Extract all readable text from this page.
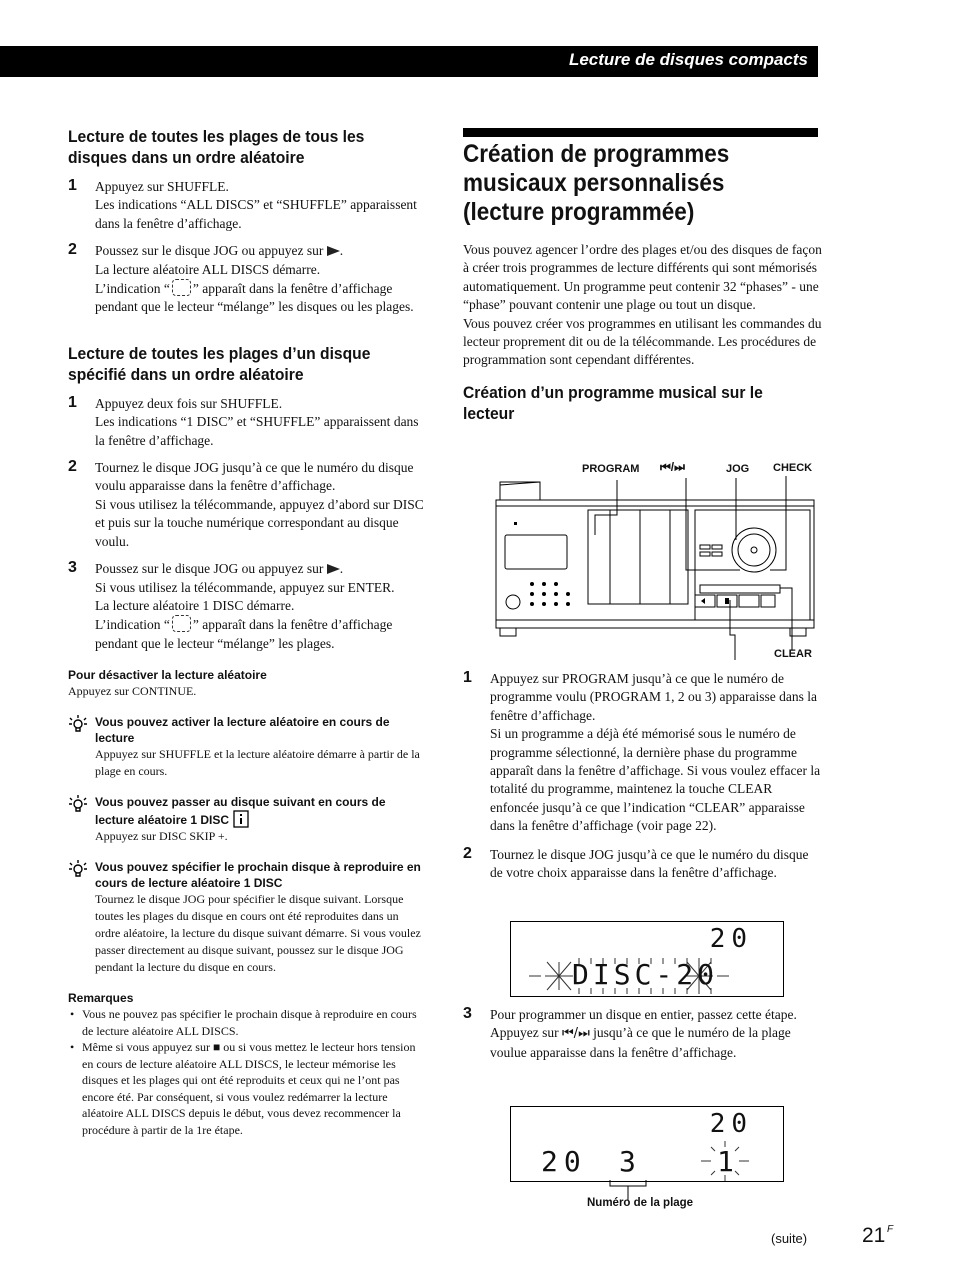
Lecture de disques compacts
Lecture de toutes les plages de tous les disques dans un ordre aléatoire
1 Appuyez sur SHUFFLE.

Les indications “ALL DISCS” et “SHUFFLE” apparaissent dans la fenêtre d’affichage.

2 Poussez sur le disque JOG ou appuyez sur .

La lecture aléatoire ALL DISCS démarre.

L’indication “ ” apparaît dans la fenêtre d’affichage pendant que le lecteur “mélange” les disques ou les plages.

Lecture de toutes les plages d’un disque spécifié dans un ordre aléatoire
1 Appuyez deux fois sur SHUFFLE.

Les indications “1 DISC” et “SHUFFLE” apparaissent dans la fenêtre d’affichage.

2 Tournez le disque JOG jusqu’à ce que le numéro du disque voulu apparaisse dans la fenêtre d’affichage.

Si vous utilisez la télécommande, appuyez d’abord sur DISC et puis sur la touche numérique correspondant au disque voulu.

3 Poussez sur le disque JOG ou appuyez sur .

Si vous utilisez la télécommande, appuyez sur ENTER.

La lecture aléatoire 1 DISC démarre.

L’indication “ ” apparaît dans la fenêtre d’affichage pendant que le lecteur “mélange” les plages.

Pour désactiver la lecture aléatoire

Appuyez sur CONTINUE.

Vous pouvez activer la lecture aléatoire en cours de lecture

Appuyez sur SHUFFLE et la lecture aléatoire démarre à partir de la plage en cours.

Vous pouvez passer au disque suivant en cours de lecture aléatoire 1 DISC

Appuyez sur DISC SKIP +.

Vous pouvez spécifier le prochain disque à reproduire en cours de lecture aléatoire 1 DISC

Tournez le disque JOG pour spécifier le disque suivant. Lorsque toutes les plages du disque en cours ont été reproduites dans un ordre aléatoire, la lecture du disque suivant démarre. Si vous voulez passer directement au disque suivant, poussez sur le disque JOG pendant la lecture du disque en cours.

Remarques

• Vous ne pouvez pas spécifier le prochain disque à reproduire en cours de lecture aléatoire ALL DISCS.
• Même si vous appuyez sur ■ ou si vous mettez le lecteur hors tension en cours de lecture aléatoire ALL DISCS, le lecteur mémorise les disques et les plages qui ont été reproduits et ceux qui ne l’ont pas encore été. Par conséquent, si vous voulez redémarrer la lecture aléatoire ALL DISCS depuis le début, vous devez recommencer la procédure à partir de la 1re étape.
Création de programmes musicaux personnalisés (lecture programmée)

Vous pouvez agencer l’ordre des plages et/ou des disques de façon à créer trois programmes de lecture différents qui sont mémorisés automatiquement. Un programme peut contenir 32 “phases” - une “phase” pouvant contenir une plage ou tout un disque.

Vous pouvez créer vos programmes en utilisant les commandes du lecteur proprement dit ou de la télécommande. Les procédures de programmation sont cependant différentes.

Création d’un programme musical sur le lecteur
PROGRAM ⏮/⏭	JOG CHECK
CLEAR
1 Appuyez sur PROGRAM jusqu’à ce que le numéro de programme voulu (PROGRAM 1, 2 ou 3) apparaisse dans la fenêtre d’affichage.

Si un programme a déjà été mémorisé sous le numéro de programme sélectionné, la dernière phase du programme apparaît dans la fenêtre d’affichage. Si vous voulez effacer la totalité du programme, maintenez la touche CLEAR enfoncée jusqu’à ce que l’indication “CLEAR” apparaisse dans la fenêtre d’affichage (voir page 22).

2 Tournez le disque JOG jusqu’à ce que le numéro du disque de votre choix apparaisse dans la fenêtre d’affichage.

20
DISC-20
3 Pour programmer un disque en entier, passez cette étape.

Appuyez sur ⏮/⏭ jusqu’à ce que le numéro de la plage voulue apparaisse dans la fenêtre d’affichage.

20
20 3	1
Numéro de la plage
(suite)	21 F
